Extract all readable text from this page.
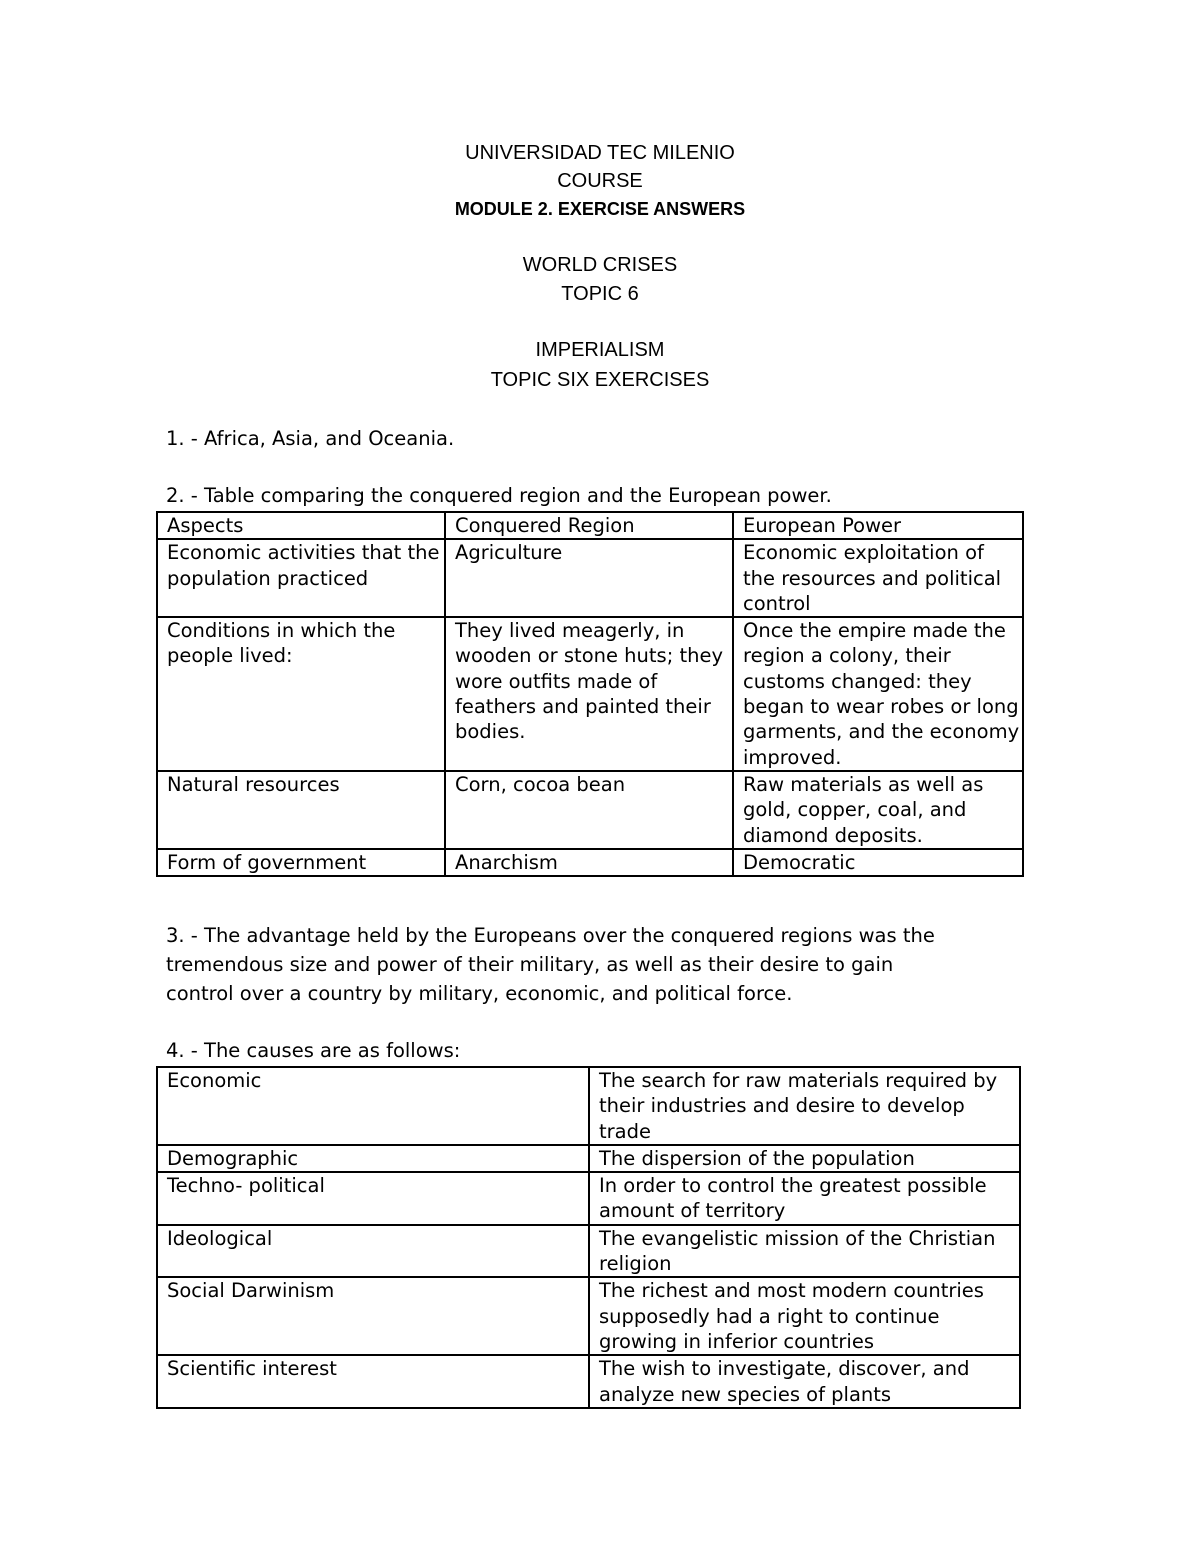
UNIVERSIDAD TEC MILENIO
COURSE
MODULE 2. EXERCISE ANSWERS
WORLD CRISES
TOPIC 6
IMPERIALISM
TOPIC SIX EXERCISES
1. - Africa, Asia, and Oceania.
2. - Table comparing the conquered region and the European power.
Aspects	Conquered Region	European Power
Economic activities that the population practiced	Agriculture	Economic exploitation of the resources and political control
Conditions in which the people lived:	They lived meagerly, in wooden or stone huts; they wore outfits made of feathers and painted their bodies.	Once the empire made the region a colony, their customs changed: they began to wear robes or long garments, and the economy improved.
Natural resources	Corn, cocoa bean	Raw materials as well as gold, copper, coal, and diamond deposits.
Form of government	Anarchism	Democratic
3. - The advantage held by the Europeans over the conquered regions was the
tremendous size and power of their military, as well as their desire to gain
control over a country by military, economic, and political force.
4. - The causes are as follows:
Economic	The search for raw materials required by their industries and desire to develop trade
Demographic	The dispersion of the population
Techno- political	In order to control the greatest possible amount of territory
Ideological	The evangelistic mission of the Christian religion
Social Darwinism	The richest and most modern countries supposedly had a right to continue growing in inferior countries
Scientific interest	The wish to investigate, discover, and analyze new species of plants
